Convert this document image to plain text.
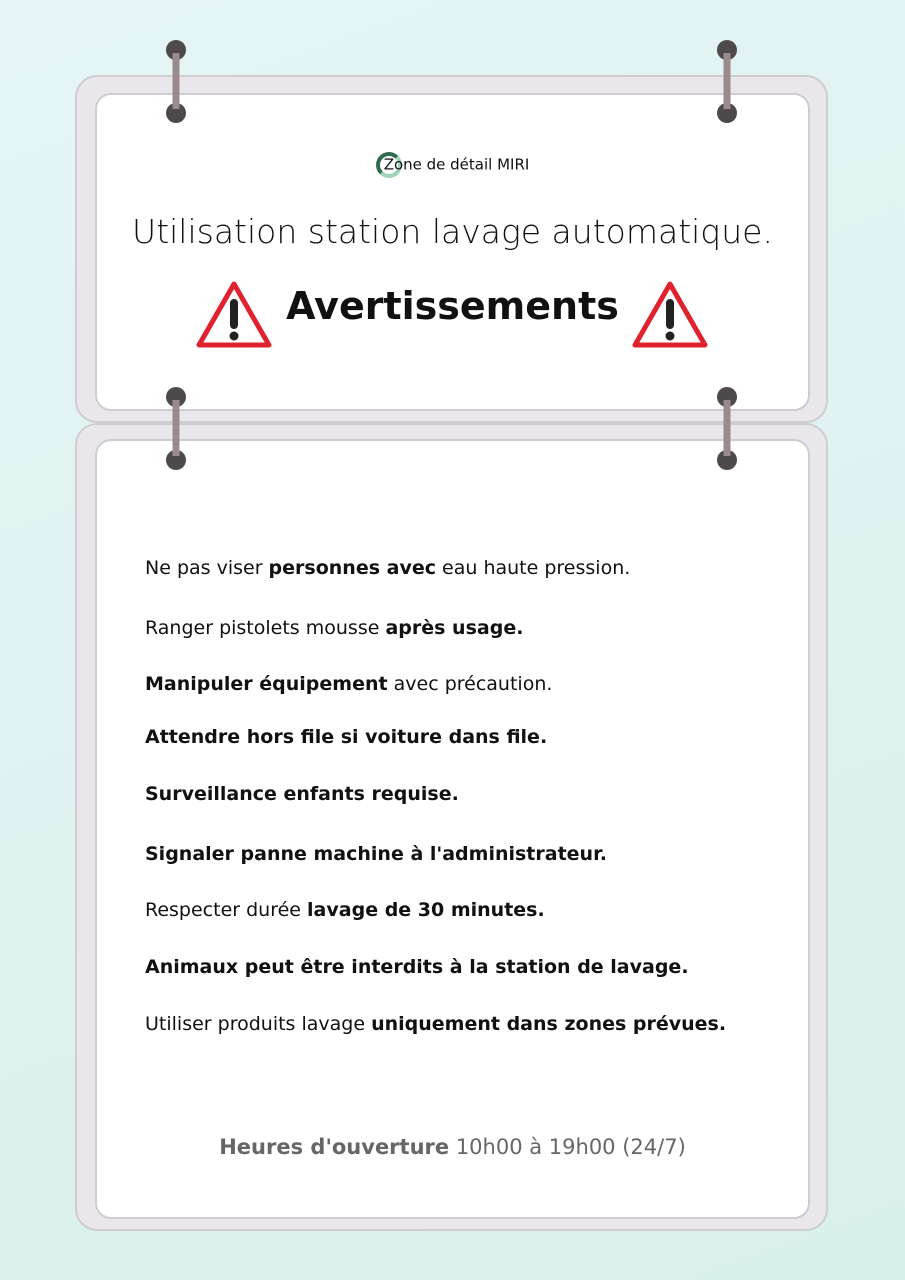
Zone de détail MIRI
Utilisation station lavage automatique.
Avertissements
Ne pas viser personnes avec eau haute pression.
Ranger pistolets mousse après usage.
Manipuler équipement avec précaution.
Attendre hors file si voiture dans file.
Surveillance enfants requise.
Signaler panne machine à l'administrateur.
Respecter durée lavage de 30 minutes.
Animaux peut être interdits à la station de lavage.
Utiliser produits lavage uniquement dans zones prévues.
Heures d'ouverture 10h00 à 19h00 (24/7)
